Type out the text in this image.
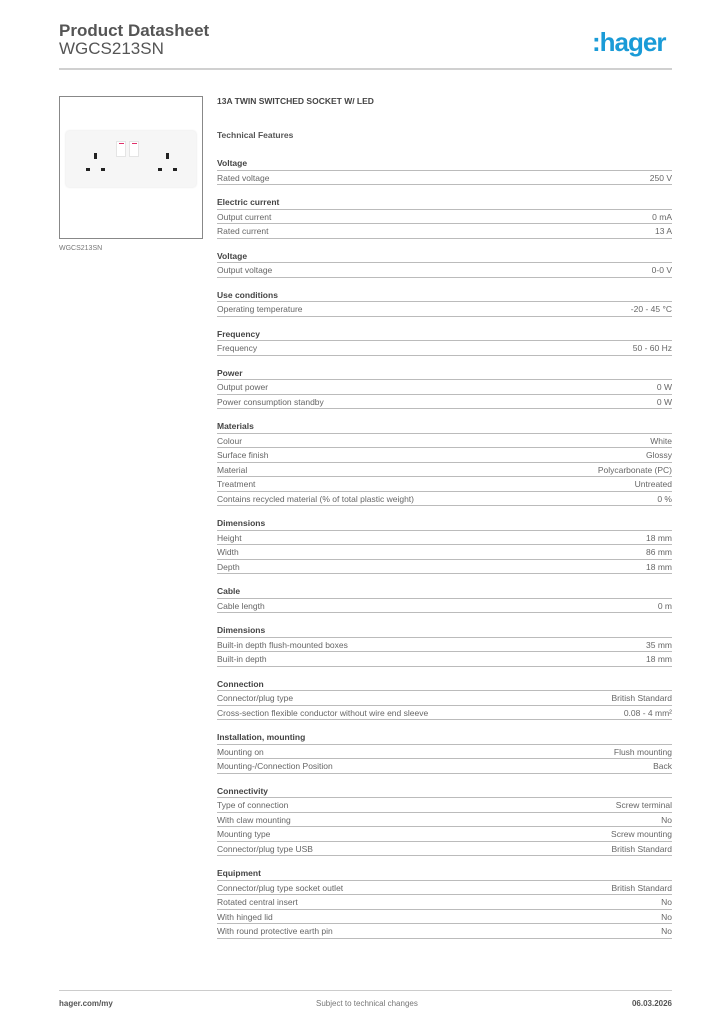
Product Datasheet
WGCS213SN	:hager
WGCS213SN
13A TWIN SWITCHED SOCKET W/ LED
Technical Features
Voltage
Rated voltage	250 V
Electric current
Output current	0 mA
Rated current	13 A
Voltage
Output voltage	0-0 V
Use conditions
Operating temperature	-20 - 45 °C
Frequency
Frequency	50 - 60 Hz
Power
Output power	0 W
Power consumption standby	0 W
Materials
Colour	White
Surface finish	Glossy
Material	Polycarbonate (PC)
Treatment	Untreated
Contains recycled material (% of total plastic weight)	0 %
Dimensions
Height	18 mm
Width	86 mm
Depth	18 mm
Cable
Cable length	0 m
Dimensions
Built-in depth flush-mounted boxes	35 mm
Built-in depth	18 mm
Connection
Connector/plug type	British Standard
Cross-section flexible conductor without wire end sleeve	0.08 - 4 mm²
Installation, mounting
Mounting on	Flush mounting
Mounting-/Connection Position	Back
Connectivity
Type of connection	Screw terminal
With claw mounting	No
Mounting type	Screw mounting
Connector/plug type USB	British Standard
Equipment
Connector/plug type socket outlet	British Standard
Rotated central insert	No
With hinged lid	No
With round protective earth pin	No
hager.com/my	Subject to technical changes	06.03.2026
